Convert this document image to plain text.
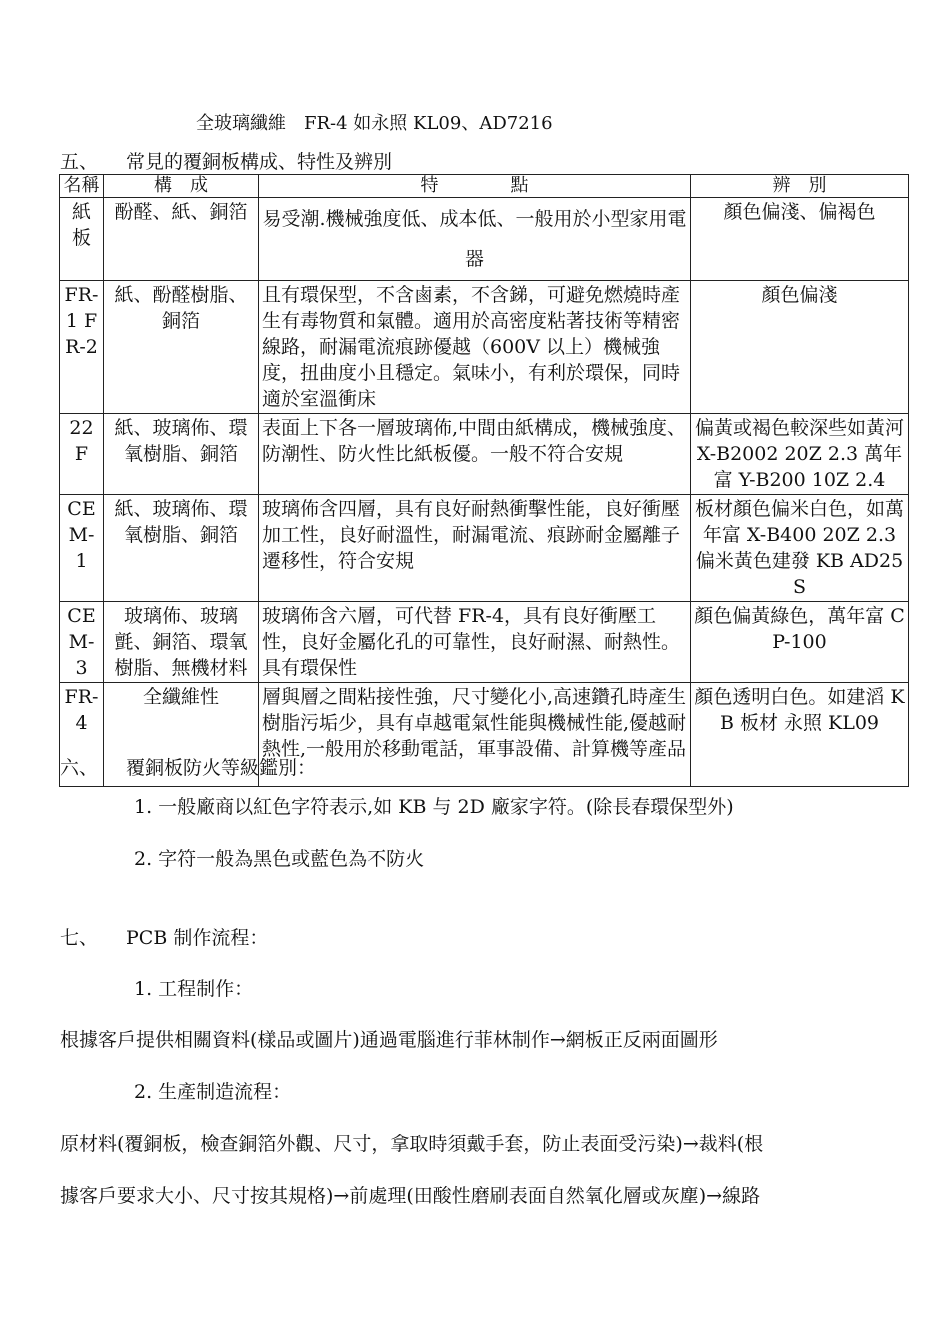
全玻璃纖維　FR-4 如永照 KL09、AD7216
五、 常見的覆銅板構成、特性及辨別
名稱	構　成	特　　　　點	辨　別
紙板	酚醛、紙、銅箔	易受潮.機械強度低、成本低、一般用於小型家用電器	顏色偏淺、偏褐色
FR-1 FR-2	紙、酚醛樹脂、銅箔	且有環保型，不含鹵素，不含銻，可避免燃燒時產生有毒物質和氣體。適用於高密度粘著技術等精密線路，耐漏電流痕跡優越（600V 以上）機械強度，扭曲度小且穩定。氣味小，有利於環保，同時適於室溫衝床	顏色偏淺
22F	紙、玻璃佈、環氧樹脂、銅箔	表面上下各一層玻璃佈,中間由紙構成，機械強度、防潮性、防火性比紙板優。一般不符合安規	偏黃或褐色較深些如黃河 X-B2002 20Z 2.3 萬年富 Y-B200 10Z 2.4
CEM-1	紙、玻璃佈、環氧樹脂、銅箔	玻璃佈含四層，具有良好耐熱衝擊性能，良好衝壓加工性，良好耐溫性，耐漏電流、痕跡耐金屬離子遷移性，符合安規	板材顏色偏米白色，如萬年富 X-B400 20Z 2.3 偏米黃色建發 KB AD25S
CEM-3	玻璃佈、玻璃氈、銅箔、環氧樹脂、無機材料	玻璃佈含六層，可代替 FR-4，具有良好衝壓工性，良好金屬化孔的可靠性，良好耐濕、耐熱性。具有環保性	顏色偏黃綠色，萬年富 CP-100
FR-4	全纖維性	層與層之間粘接性強，尺寸變化小,高速鑽孔時產生樹脂污垢少，具有卓越電氣性能與機械性能,優越耐熱性,一般用於移動電話，軍事設備、計算機等產品	顏色透明白色。如建滔 KB 板材 永照 KL09
六、 覆銅板防火等級鑑別：
1. 一般廠商以紅色字符表示,如 KB 与 2D 廠家字符。(除長春環保型外)
2. 字符一般為黑色或藍色為不防火
七、 PCB 制作流程：
1. 工程制作：
根據客戶提供相關資料(樣品或圖片)通過電腦進行菲林制作→網板正反兩面圖形
2. 生產制造流程：
原材料(覆銅板，檢查銅箔外觀、尺寸，拿取時須戴手套，防止表面受污染)→裁料(根
據客戶要求大小、尺寸按其規格)→前處理(田酸性磨刷表面自然氧化層或灰塵)→線路
